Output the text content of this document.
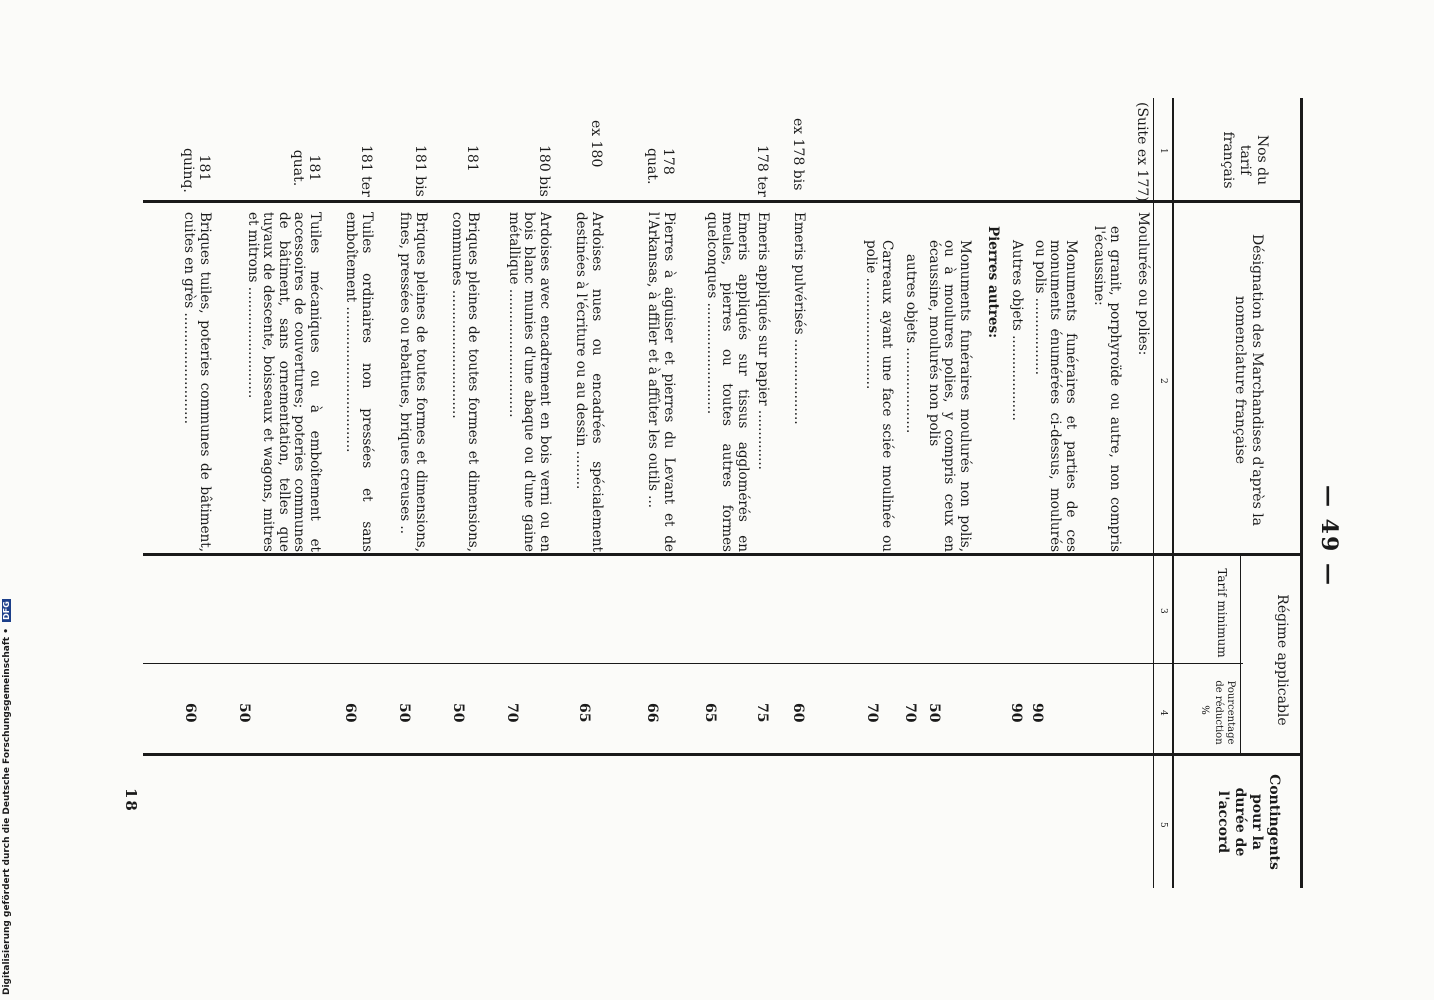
— 49 —
18
Nos du tarif français
Désignation des Marchandises d'après la nomenclature française
Régime applicable
Tarif minimum
Pourcentage
de réduction
%
Contingents pour la durée de l'accord
1
2
3
4
5
(Suite ex 177)
Moulurées ou polies:
en granit, porphyroïde ou autre, non compris l'écaussine:
Monuments funéraires et parties de ces monuments énumérées ci-dessus, moulurés ou polis ..................
90
Autres objets ....................
90
Pierres autres:
Monuments funéraires moulurés non polis, ou à moulures polies, y compris ceux en écaussine, moulurés non polis
50
autres objets ....................
70
Carreaux ayant une face sciée moulinée ou polie ..........................
70
ex 178 bis
Emeris pulvérisés ....................
60
178 ter
Emeris appliqués sur papier ..............
75
Emeris appliqués sur tissus agglomérés en meules, pierres ou toutes autres formes quelconques ..........................
65
178 quat.
Pierres à aiguiser et pierres du Levant et de l'Arkansas, à affiler et à affûter les outils ...
66
ex 180
Ardoises nues ou encadrées spécialement destinées à l'écriture ou au dessin .........
65
180 bis
Ardoises avec encadrement en bois verni ou en bois blanc munies d'une abaque ou d'une gaine métallique ..............................
70
181
Briques pleines de toutes formes et dimensions, communes ..............................
50
181 bis
Briques pleines de toutes formes et dimensions, fines, pressées ou rebattues, briques creuses ..
50
181 ter
Tuiles ordinaires non pressées et sans emboîtement ..................................
60
181 quat.
Tuiles mécaniques ou à emboîtement et accessoires de couvertures; poteries communes de bâtiment, sans ornementation, telles que tuyaux de descente, boisseaux et wagons, mitres et mitrons ..........................
50
181 quinq.
Briques tuiles, poteries communes de bâtiment, cuites en grès ..........................
60
Digitalisierung gefördert durch die Deutsche Forschungsgemeinschaft • DFG
